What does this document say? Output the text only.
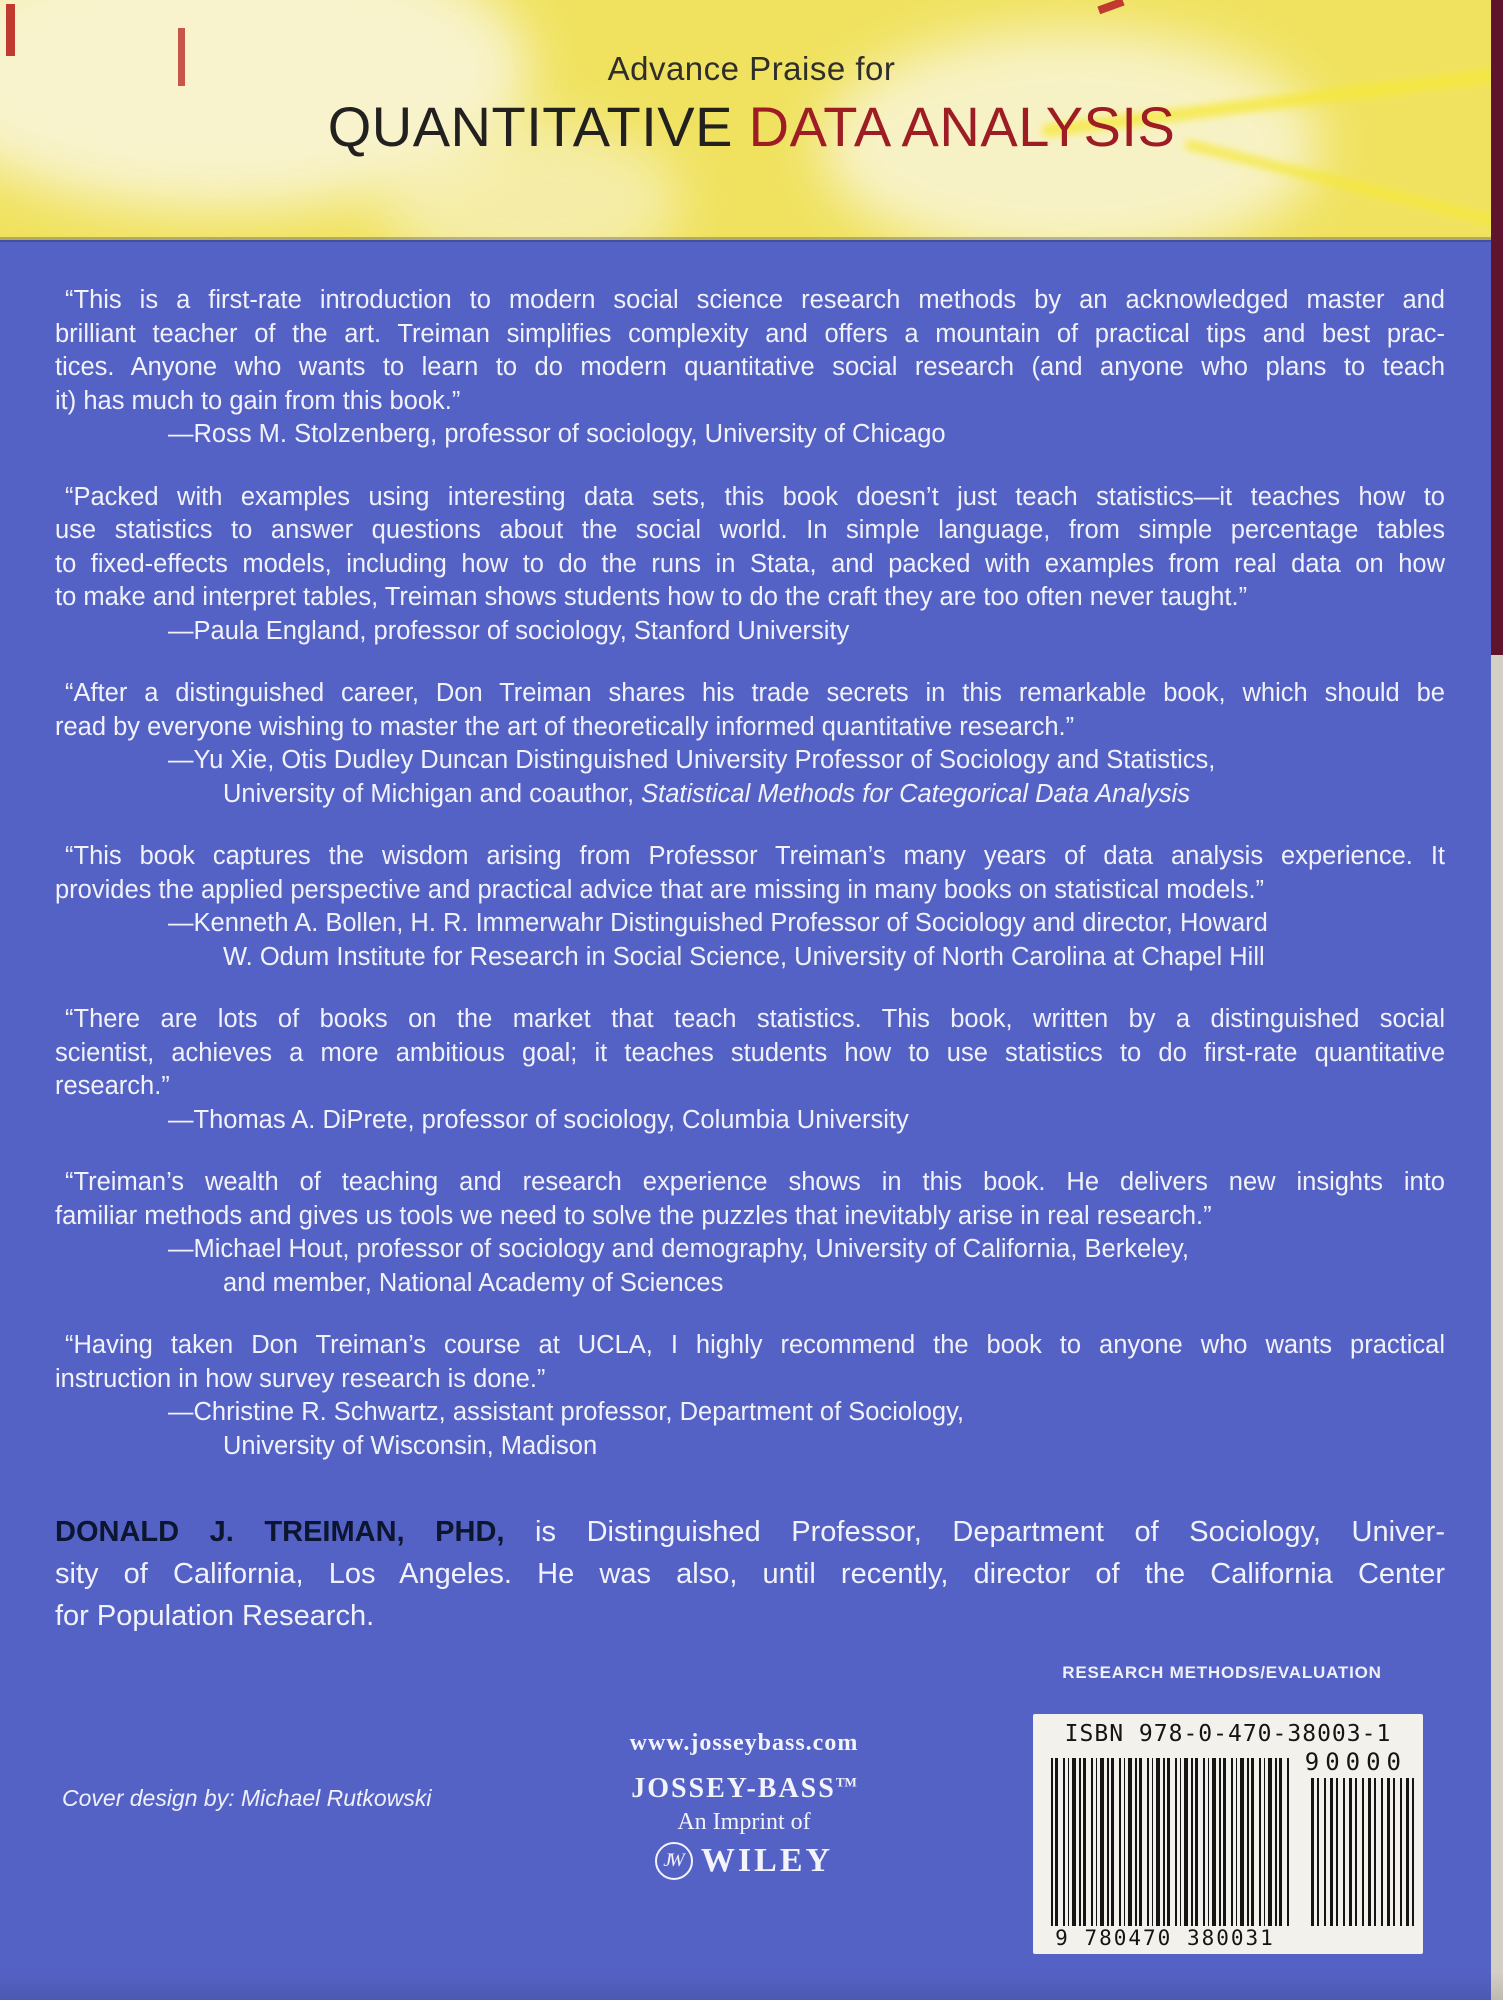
Advance Praise for
QUANTITATIVE DATA ANALYSIS
“This is a first-rate introduction to modern social science research methods by an acknowledged master and
brilliant teacher of the art. Treiman simplifies complexity and offers a mountain of practical tips and best prac-
tices. Anyone who wants to learn to do modern quantitative social research (and anyone who plans to teach
it) has much to gain from this book.”
—Ross M. Stolzenberg, professor of sociology, University of Chicago
“Packed with examples using interesting data sets, this book doesn’t just teach statistics—it teaches how to
use statistics to answer questions about the social world. In simple language, from simple percentage tables
to fixed-effects models, including how to do the runs in Stata, and packed with examples from real data on how
to make and interpret tables, Treiman shows students how to do the craft they are too often never taught.”
—Paula England, professor of sociology, Stanford University
“After a distinguished career, Don Treiman shares his trade secrets in this remarkable book, which should be
read by everyone wishing to master the art of theoretically informed quantitative research.”
—Yu Xie, Otis Dudley Duncan Distinguished University Professor of Sociology and Statistics,
University of Michigan and coauthor, Statistical Methods for Categorical Data Analysis
“This book captures the wisdom arising from Professor Treiman’s many years of data analysis experience. It
provides the applied perspective and practical advice that are missing in many books on statistical models.”
—Kenneth A. Bollen, H. R. Immerwahr Distinguished Professor of Sociology and director, Howard
W. Odum Institute for Research in Social Science, University of North Carolina at Chapel Hill
“There are lots of books on the market that teach statistics. This book, written by a distinguished social
scientist, achieves a more ambitious goal; it teaches students how to use statistics to do first-rate quantitative
research.”
—Thomas A. DiPrete, professor of sociology, Columbia University
“Treiman’s wealth of teaching and research experience shows in this book. He delivers new insights into
familiar methods and gives us tools we need to solve the puzzles that inevitably arise in real research.”
—Michael Hout, professor of sociology and demography, University of California, Berkeley,
and member, National Academy of Sciences
“Having taken Don Treiman’s course at UCLA, I highly recommend the book to anyone who wants practical
instruction in how survey research is done.”
—Christine R. Schwartz, assistant professor, Department of Sociology,
University of Wisconsin, Madison
DONALD J. TREIMAN, PHD, is Distinguished Professor, Department of Sociology, Univer-
sity of California, Los Angeles. He was also, until recently, director of the California Center
for Population Research.
RESEARCH METHODS/EVALUATION
ISBN 978-0-470-38003-1
90000
9 780470 380031
www.josseybass.com
JOSSEY-BASS™
An Imprint of
JW WILEY
Cover design by: Michael Rutkowski
